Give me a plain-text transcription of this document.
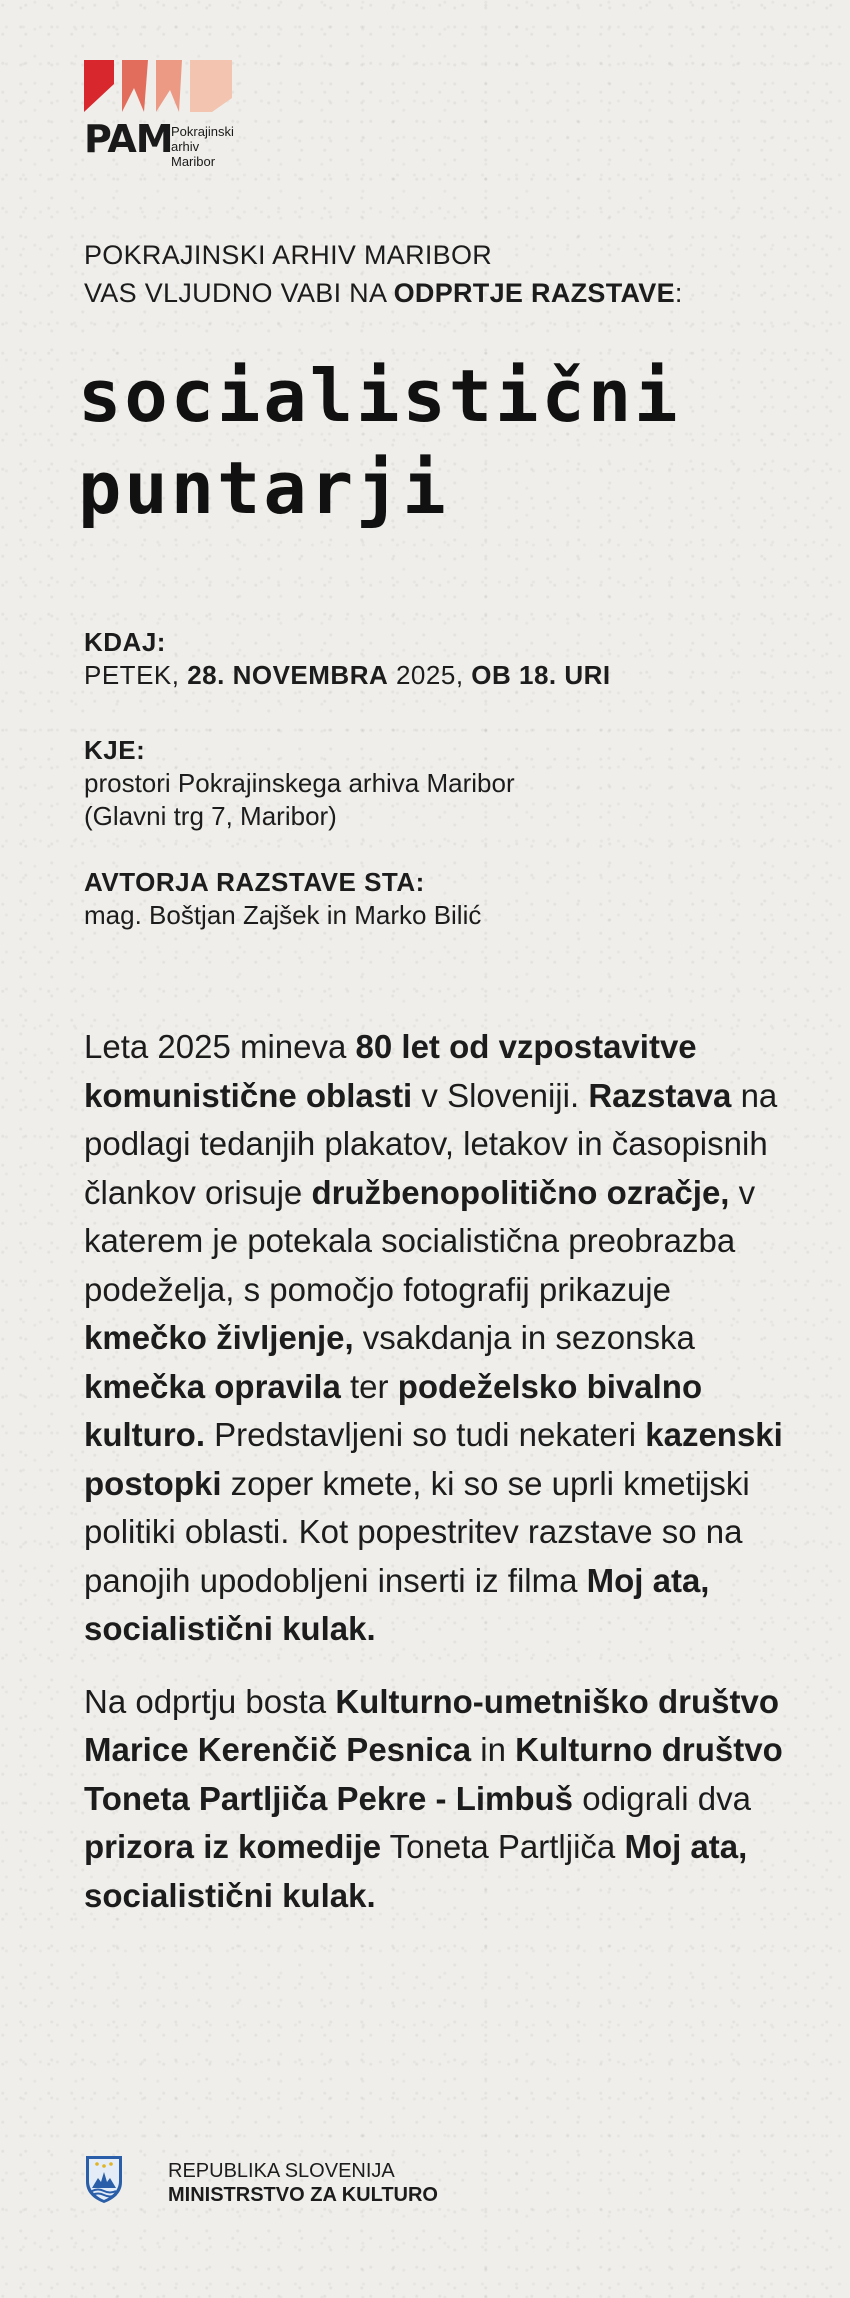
PAM
Pokrajinski
arhiv
Maribor
POKRAJINSKI ARHIV MARIBOR
VAS VLJUDNO VABI NA ODPRTJE RAZSTAVE:
socialistični
puntarji
KDAJ:
PETEK, 28. NOVEMBRA 2025, OB 18. URI
KJE:
prostori Pokrajinskega arhiva Maribor
(Glavni trg 7, Maribor)
AVTORJA RAZSTAVE STA:
mag. Boštjan Zajšek in Marko Bilić

Leta 2025 mineva 80 let od vzpostavitve komunistične oblasti v Sloveniji. Razstava na podlagi tedanjih plakatov, letakov in časopisnih člankov orisuje družbenopolitično ozračje, v katerem je potekala socialistična preobrazba podeželja, s pomočjo fotografij prikazuje kmečko življenje, vsakdanja in sezonska kmečka opravila ter podeželsko bivalno kulturo. Predstavljeni so tudi nekateri kazenski postopki zoper kmete, ki so se uprli kmetijski politiki oblasti. Kot popestritev razstave so na panojih upodobljeni inserti iz filma Moj ata, socialistični kulak.

Na odprtju bosta Kulturno-umetniško društvo Marice Kerenčič Pesnica in Kulturno društvo Toneta Partljiča Pekre - Limbuš odigrali dva prizora iz komedije Toneta Partljiča Moj ata, socialistični kulak.

REPUBLIKA SLOVENIJA
MINISTRSTVO ZA KULTURO
